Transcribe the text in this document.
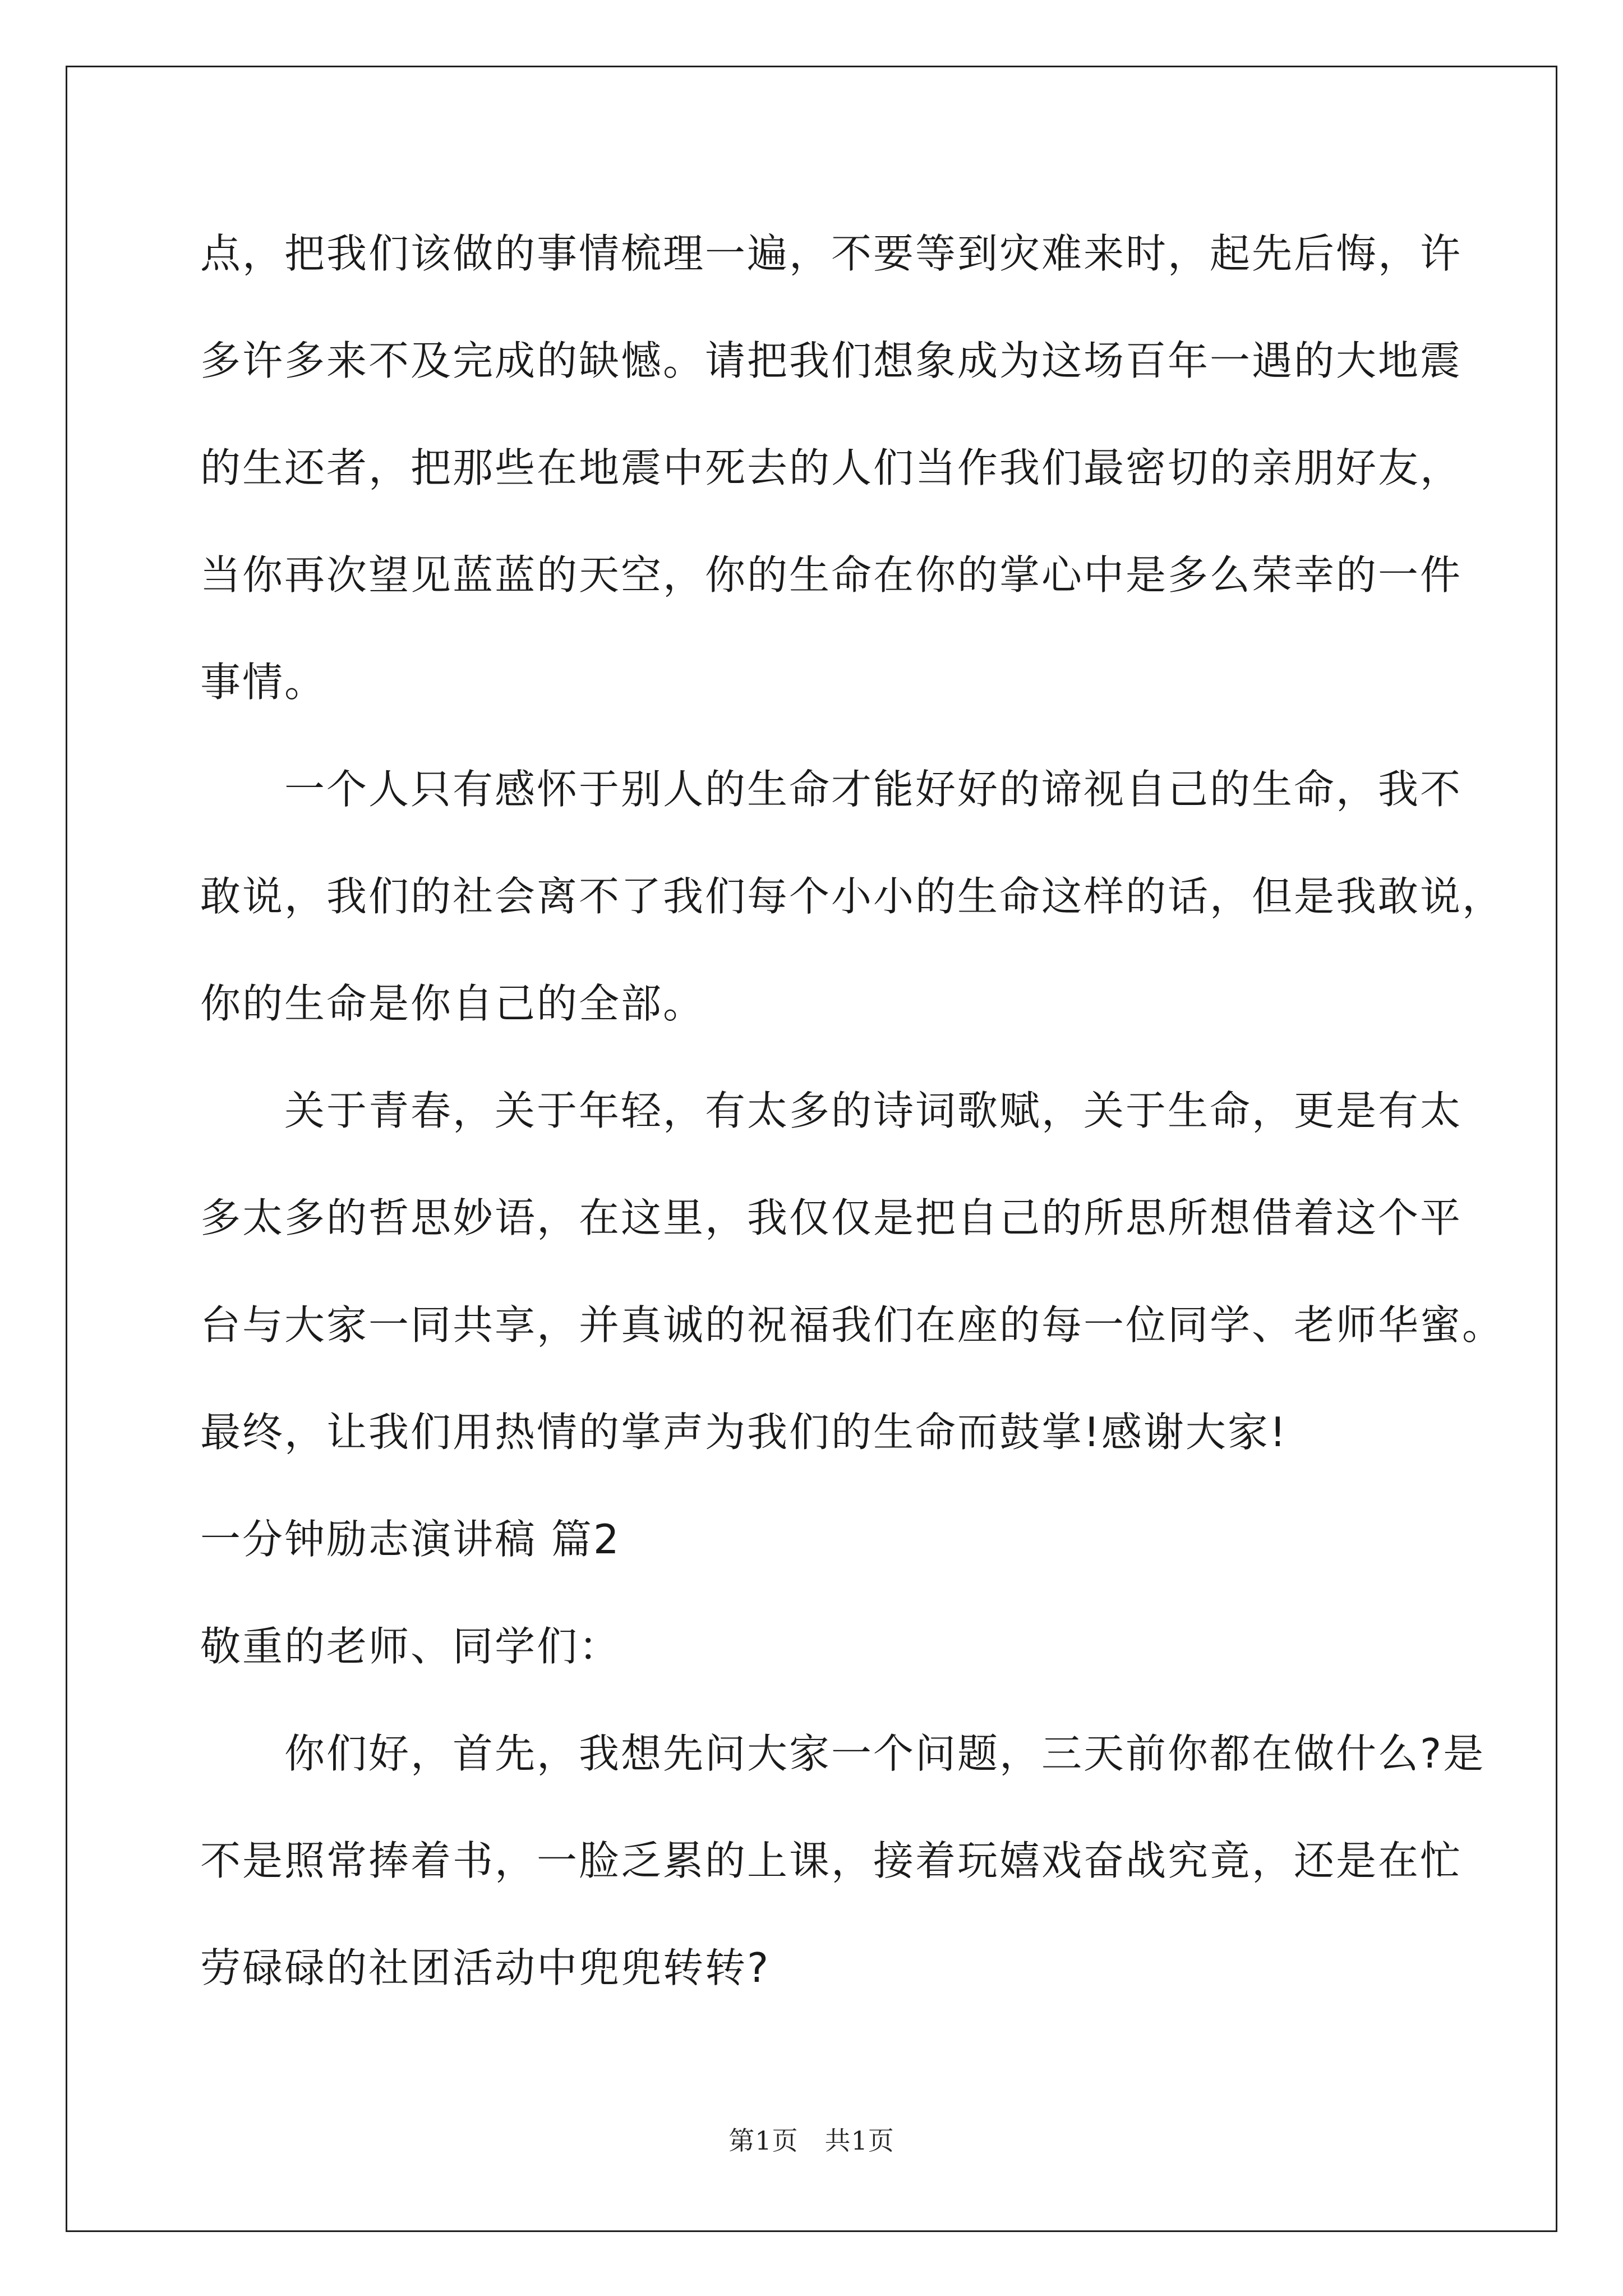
点，把我们该做的事情梳理一遍，不要等到灾难来时，起先后悔，许
多许多来不及完成的缺憾。请把我们想象成为这场百年一遇的大地震
的生还者，把那些在地震中死去的人们当作我们最密切的亲朋好友，
当你再次望见蓝蓝的天空，你的生命在你的掌心中是多么荣幸的一件
事情。
一个人只有感怀于别人的生命才能好好的谛视自己的生命，我不
敢说，我们的社会离不了我们每个小小的生命这样的话，但是我敢说，
你的生命是你自己的全部。
关于青春，关于年轻，有太多的诗词歌赋，关于生命，更是有太
多太多的哲思妙语，在这里，我仅仅是把自己的所思所想借着这个平
台与大家一同共享，并真诚的祝福我们在座的每一位同学、老师华蜜。
最终，让我们用热情的掌声为我们的生命而鼓掌!感谢大家!
一分钟励志演讲稿 篇2
敬重的老师、同学们：
你们好，首先，我想先问大家一个问题，三天前你都在做什么?是
不是照常捧着书，一脸乏累的上课，接着玩嬉戏奋战究竟，还是在忙
劳碌碌的社团活动中兜兜转转?
第1页　共1页
